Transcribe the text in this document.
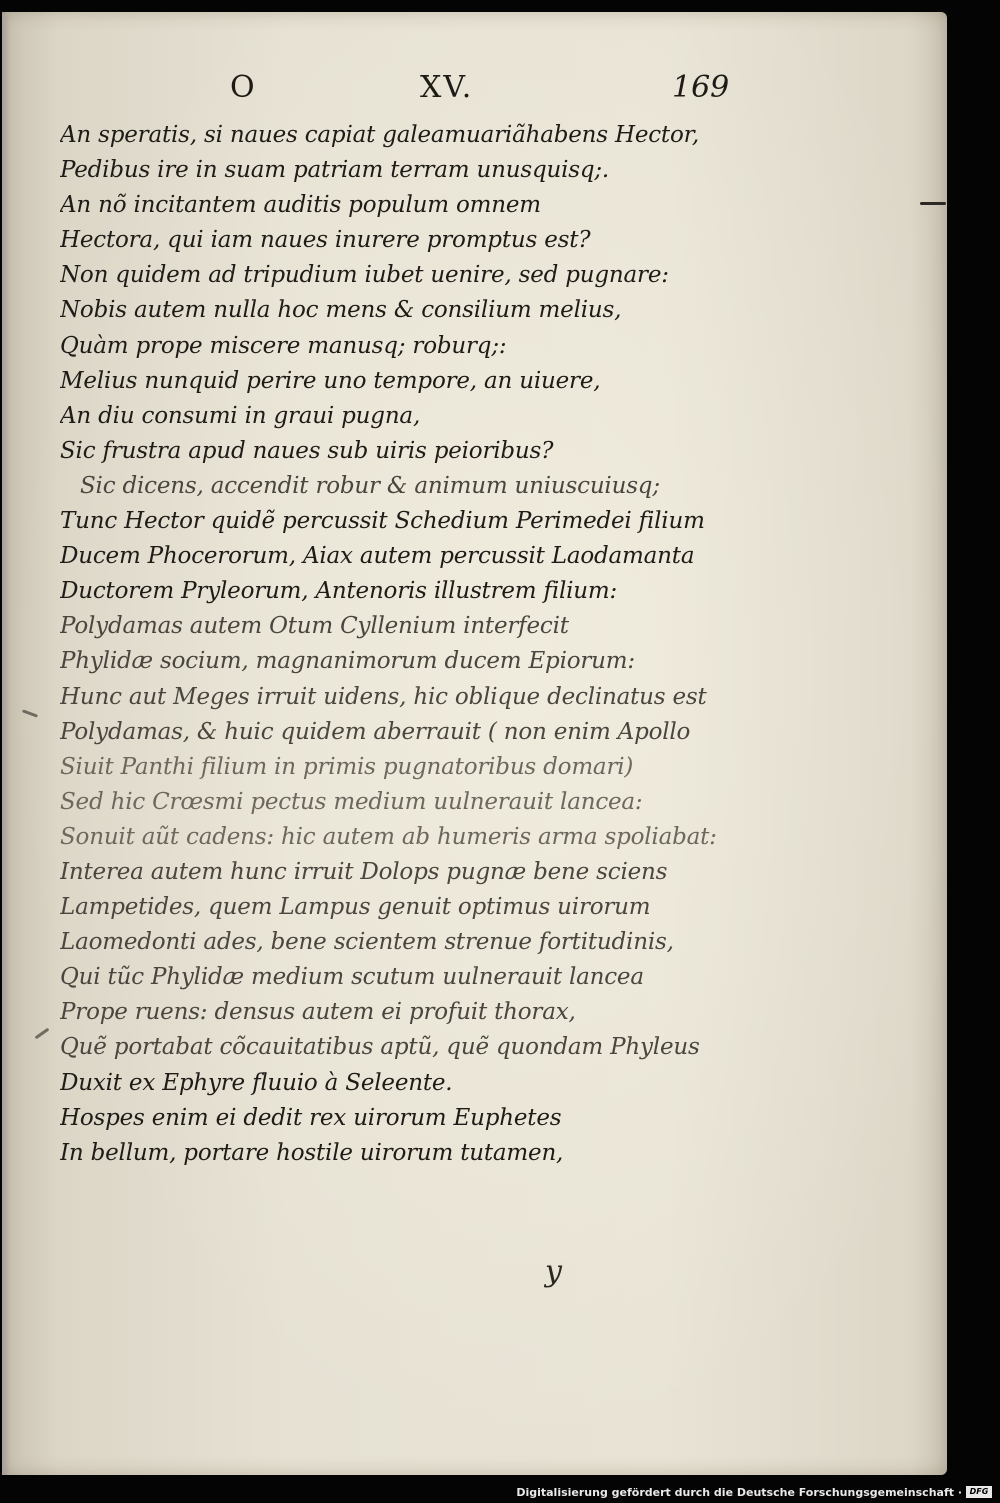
O	XV.	169
An speratis, si naues capiat galeamuariãhabens Hector,
Pedibus ire in suam patriam terram unusquisq;.
An nõ incitantem auditis populum omnem
Hectora, qui iam naues inurere promptus est?
Non quidem ad tripudium iubet uenire, sed pugnare:
Nobis autem nulla hoc mens & consilium melius,
Quàm prope miscere manusq; roburq;:
Melius nunquid perire uno tempore, an uiuere,
An diu consumi in graui pugna,
Sic frustra apud naues sub uiris peioribus?
Sic dicens, accendit robur & animum uniuscuiusq;
Tunc Hector quidẽ percussit Schedium Perimedei filium
Ducem Phocerorum, Aiax autem percussit Laodamanta
Ductorem Pryleorum, Antenoris illustrem filium:
Polydamas autem Otum Cyllenium interfecit
Phylidæ socium, magnanimorum ducem Epiorum:
Hunc aut Meges irruit uidens, hic oblique declinatus est
Polydamas, & huic quidem aberrauit ( non enim Apollo
Siuit Panthi filium in primis pugnatoribus domari)
Sed hic Crœsmi pectus medium uulnerauit lancea:
Sonuit aũt cadens: hic autem ab humeris arma spoliabat:
Interea autem hunc irruit Dolops pugnæ bene sciens
Lampetides, quem Lampus genuit optimus uirorum
Laomedonti ades, bene scientem strenue fortitudinis,
Qui tũc Phylidæ medium scutum uulnerauit lancea
Prope ruens: densus autem ei profuit thorax,
Quẽ portabat cõcauitatibus aptũ, quẽ quondam Phyleus
Duxit ex Ephyre fluuio à Seleente.
Hospes enim ei dedit rex uirorum Euphetes
In bellum, portare hostile uirorum tutamen,
y
Digitalisierung gefördert durch die Deutsche Forschungsgemeinschaft · DFG
